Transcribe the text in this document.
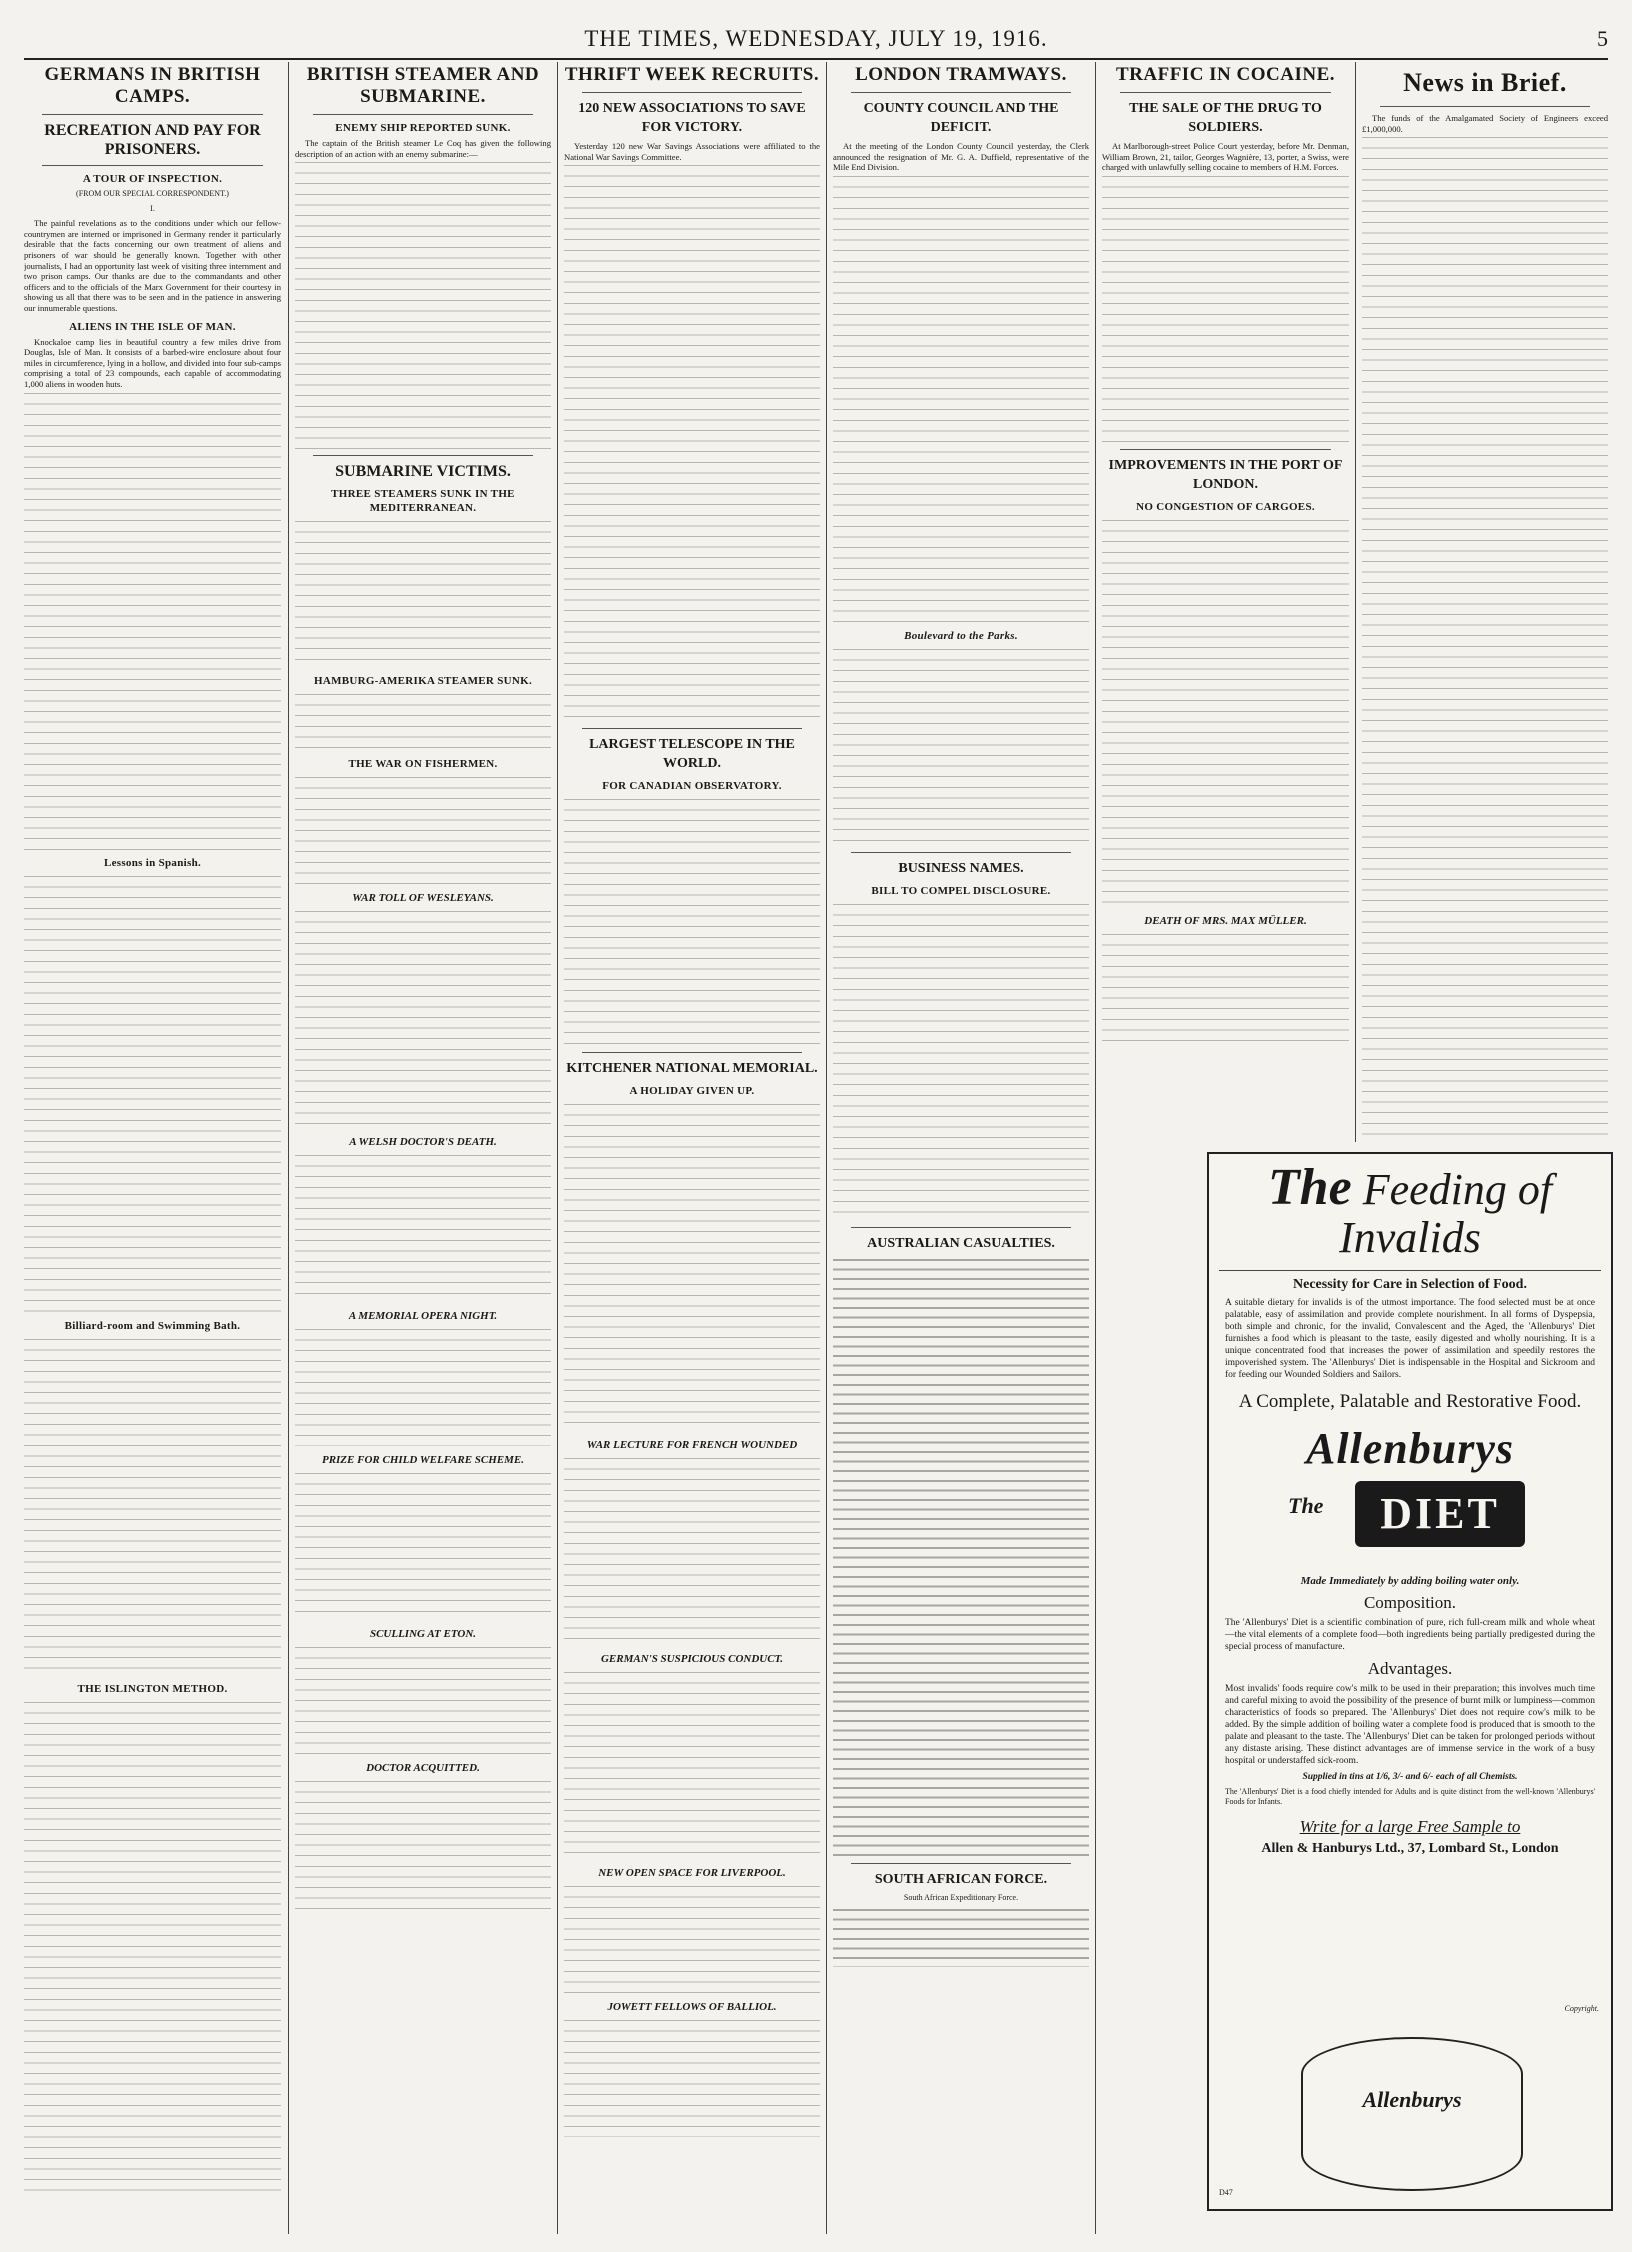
THE TIMES, WEDNESDAY, JULY 19, 1916.	5
GERMANS IN BRITISH CAMPS.
RECREATION AND PAY FOR PRISONERS.
A TOUR OF INSPECTION.
(FROM OUR SPECIAL CORRESPONDENT.)
I.

The painful revelations as to the conditions under which our fellow-countrymen are interned or imprisoned in Germany render it particularly desirable that the facts concerning our own treatment of aliens and prisoners of war should be generally known. Together with other journalists, I had an opportunity last week of visiting three internment and two prison camps. Our thanks are due to the commandants and other officers and to the officials of the Marx Government for their courtesy in showing us all that there was to be seen and in the patience in answering our innumerable questions.

ALIENS IN THE ISLE OF MAN.

Knockaloe camp lies in beautiful country a few miles drive from Douglas, Isle of Man. It consists of a barbed-wire enclosure about four miles in circumference, lying in a hollow, and divided into four sub-camps comprising a total of 23 compounds, each capable of accommodating 1,000 aliens in wooden huts.

Lessons in Spanish.
Billiard-room and Swimming Bath.
THE ISLINGTON METHOD.
BRITISH STEAMER AND SUBMARINE.
ENEMY SHIP REPORTED SUNK.

The captain of the British steamer Le Coq has given the following description of an action with an enemy submarine:—

SUBMARINE VICTIMS.
THREE STEAMERS SUNK IN THE MEDITERRANEAN.
HAMBURG-AMERIKA STEAMER SUNK.
THE WAR ON FISHERMEN.
WAR TOLL OF WESLEYANS.
A WELSH DOCTOR'S DEATH.
A MEMORIAL OPERA NIGHT.
PRIZE FOR CHILD WELFARE SCHEME.
SCULLING AT ETON.
DOCTOR ACQUITTED.
THRIFT WEEK RECRUITS.
120 NEW ASSOCIATIONS TO SAVE FOR VICTORY.

Yesterday 120 new War Savings Associations were affiliated to the National War Savings Committee.

LARGEST TELESCOPE IN THE WORLD.
FOR CANADIAN OBSERVATORY.
KITCHENER NATIONAL MEMORIAL.
A HOLIDAY GIVEN UP.
WAR LECTURE FOR FRENCH WOUNDED
GERMAN'S SUSPICIOUS CONDUCT.
NEW OPEN SPACE FOR LIVERPOOL.
JOWETT FELLOWS OF BALLIOL.
LONDON TRAMWAYS.
COUNTY COUNCIL AND THE DEFICIT.

At the meeting of the London County Council yesterday, the Clerk announced the resignation of Mr. G. A. Duffield, representative of the Mile End Division.

Boulevard to the Parks.
BUSINESS NAMES.
BILL TO COMPEL DISCLOSURE.
AUSTRALIAN CASUALTIES.
SOUTH AFRICAN FORCE.
South African Expeditionary Force.
TRAFFIC IN COCAINE.
THE SALE OF THE DRUG TO SOLDIERS.

At Marlborough-street Police Court yesterday, before Mr. Denman, William Brown, 21, tailor, Georges Wagnière, 13, porter, a Swiss, were charged with unlawfully selling cocaine to members of H.M. Forces.

IMPROVEMENTS IN THE PORT OF LONDON.
NO CONGESTION OF CARGOES.
DEATH OF MRS. MAX MÜLLER.
News in Brief.

The funds of the Amalgamated Society of Engineers exceed £1,000,000.

The Feeding of
Invalids
Necessity for Care in Selection of Food.
A suitable dietary for invalids is of the utmost importance. The food selected must be at once palatable, easy of assimilation and provide complete nourishment. In all forms of Dyspepsia, both simple and chronic, for the invalid, Convalescent and the Aged, the 'Allenburys' Diet furnishes a food which is pleasant to the taste, easily digested and wholly nourishing. It is a unique concentrated food that increases the power of assimilation and speedily restores the impoverished system. The 'Allenburys' Diet is indispensable in the Hospital and Sickroom and for feeding our Wounded Soldiers and Sailors.
A Complete, Palatable and Restorative Food.
Allenburys
The	DIET
Made Immediately by adding boiling water only.
Composition.
The 'Allenburys' Diet is a scientific combination of pure, rich full-cream milk and whole wheat—the vital elements of a complete food—both ingredients being partially predigested during the special process of manufacture.
Advantages.
Most invalids' foods require cow's milk to be used in their preparation; this involves much time and careful mixing to avoid the possibility of the presence of burnt milk or lumpiness—common characteristics of foods so prepared. The 'Allenburys' Diet does not require cow's milk to be added. By the simple addition of boiling water a complete food is produced that is smooth to the palate and pleasant to the taste. The 'Allenburys' Diet can be taken for prolonged periods without any distaste arising. These distinct advantages are of immense service in the work of a busy hospital or understaffed sick-room.
Supplied in tins at 1/6, 3/- and 6/- each of all Chemists.
The 'Allenburys' Diet is a food chiefly intended for Adults and is quite distinct from the well-known 'Allenburys' Foods for Infants.
Write for a large Free Sample to
Allen & Hanburys Ltd., 37, Lombard St., London
Copyright.
Allenburys
D47
